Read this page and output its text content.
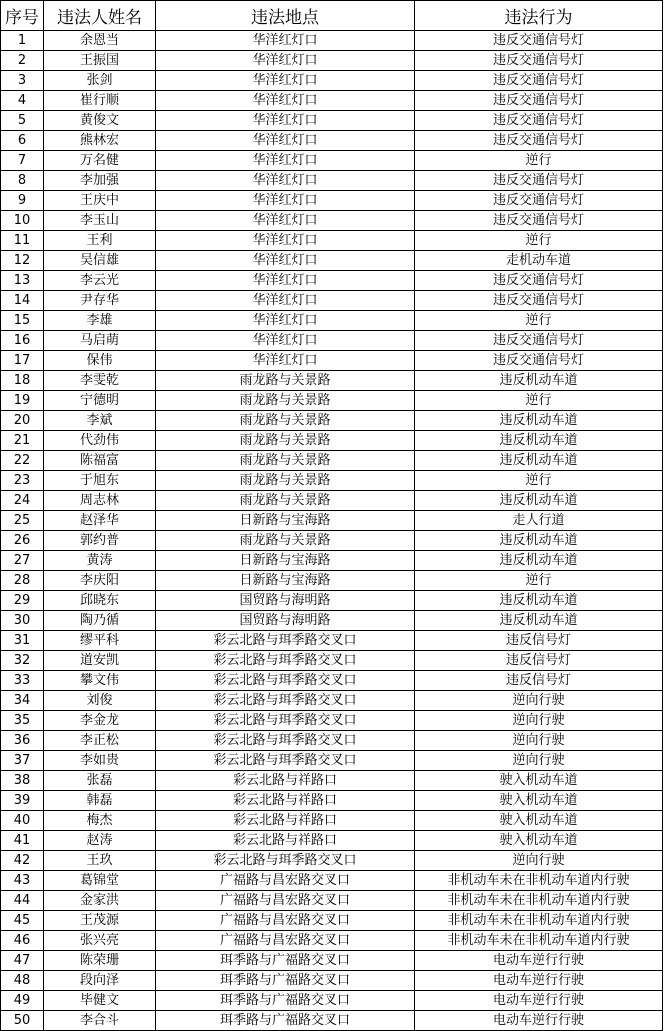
序号	违法人姓名	违法地点	违法行为
1	余恩当	华洋红灯口	违反交通信号灯
2	王振国	华洋红灯口	违反交通信号灯
3	张剑	华洋红灯口	违反交通信号灯
4	崔行顺	华洋红灯口	违反交通信号灯
5	黄俊文	华洋红灯口	违反交通信号灯
6	熊林宏	华洋红灯口	违反交通信号灯
7	万名健	华洋红灯口	逆行
8	李加强	华洋红灯口	违反交通信号灯
9	王庆中	华洋红灯口	违反交通信号灯
10	李玉山	华洋红灯口	违反交通信号灯
11	王利	华洋红灯口	逆行
12	吴信雄	华洋红灯口	走机动车道
13	李云光	华洋红灯口	违反交通信号灯
14	尹存华	华洋红灯口	违反交通信号灯
15	李雄	华洋红灯口	逆行
16	马启萌	华洋红灯口	违反交通信号灯
17	保伟	华洋红灯口	违反交通信号灯
18	李雯乾	雨龙路与关景路	违反机动车道
19	宁德明	雨龙路与关景路	逆行
20	李斌	雨龙路与关景路	违反机动车道
21	代劲伟	雨龙路与关景路	违反机动车道
22	陈福富	雨龙路与关景路	违反机动车道
23	于旭东	雨龙路与关景路	逆行
24	周志林	雨龙路与关景路	违反机动车道
25	赵泽华	日新路与宝海路	走人行道
26	郭约普	雨龙路与关景路	违反机动车道
27	黄涛	日新路与宝海路	违反机动车道
28	李庆阳	日新路与宝海路	逆行
29	邱晓东	国贸路与海明路	违反机动车道
30	陶乃循	国贸路与海明路	违反机动车道
31	缪平科	彩云北路与珥季路交叉口	违反信号灯
32	道安凯	彩云北路与珥季路交叉口	违反信号灯
33	攀文伟	彩云北路与珥季路交叉口	违反信号灯
34	刘俊	彩云北路与珥季路交叉口	逆向行驶
35	李金龙	彩云北路与珥季路交叉口	逆向行驶
36	李正松	彩云北路与珥季路交叉口	逆向行驶
37	李如贵	彩云北路与珥季路交叉口	逆向行驶
38	张磊	彩云北路与祥路口	驶入机动车道
39	韩磊	彩云北路与祥路口	驶入机动车道
40	梅杰	彩云北路与祥路口	驶入机动车道
41	赵涛	彩云北路与祥路口	驶入机动车道
42	王玖	彩云北路与珥季路交叉口	逆向行驶
43	葛锦堂	广福路与昌宏路交叉口	非机动车未在非机动车道内行驶
44	金家洪	广福路与昌宏路交叉口	非机动车未在非机动车道内行驶
45	王茂源	广福路与昌宏路交叉口	非机动车未在非机动车道内行驶
46	张兴亮	广福路与昌宏路交叉口	非机动车未在非机动车道内行驶
47	陈荣珊	珥季路与广福路交叉口	电动车逆行行驶
48	段向泽	珥季路与广福路交叉口	电动车逆行行驶
49	毕健文	珥季路与广福路交叉口	电动车逆行行驶
50	李合斗	珥季路与广福路交叉口	电动车逆行行驶
